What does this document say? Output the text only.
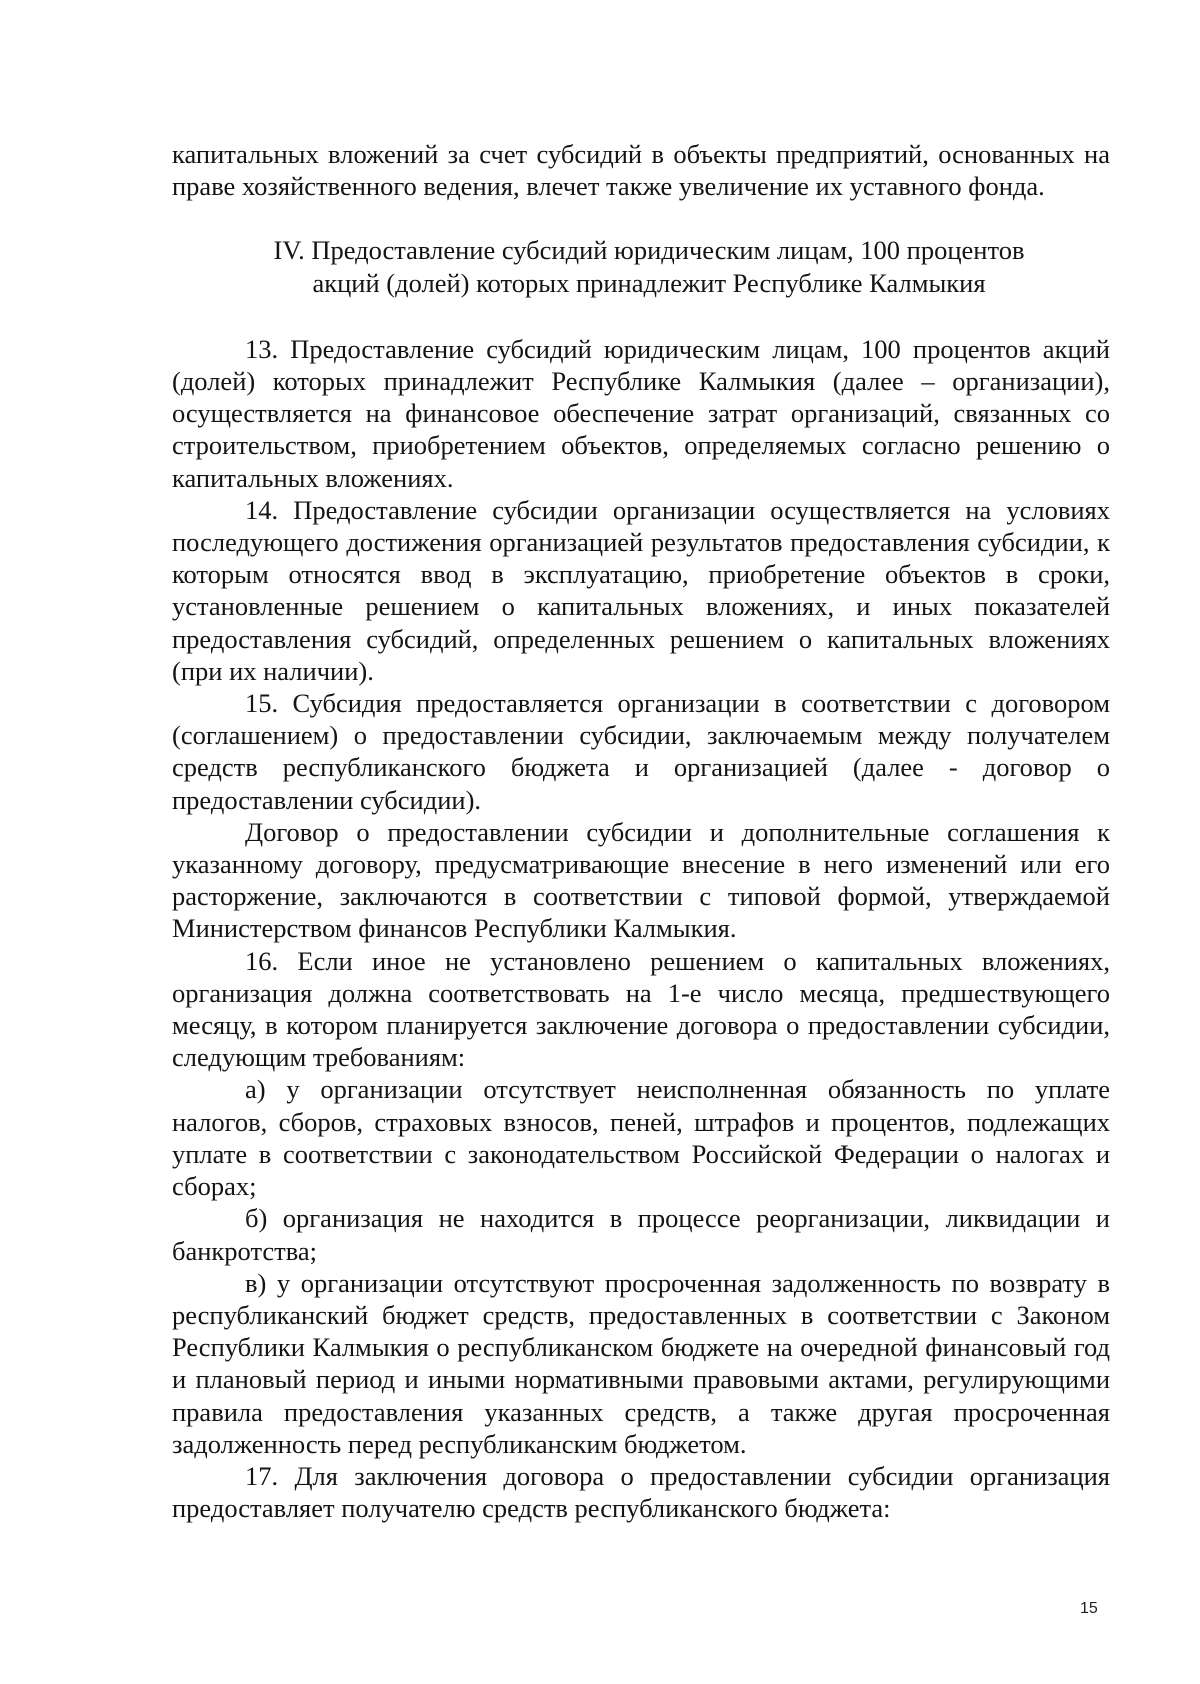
капитальных вложений за счет субсидий в объекты предприятий, основанных на праве хозяйственного ведения, влечет также увеличение их уставного фонда.

IV. Предоставление субсидий юридическим лицам, 100 процентов

акций (долей) которых принадлежит Республике Калмыкия

13. Предоставление субсидий юридическим лицам, 100 процентов акций (долей) которых принадлежит Республике Калмыкия (далее – организации), осуществляется на финансовое обеспечение затрат организаций, связанных со строительством, приобретением объектов, определяемых согласно решению о капитальных вложениях.

14. Предоставление субсидии организации осуществляется на условиях последующего достижения организацией результатов предоставления субсидии, к которым относятся ввод в эксплуатацию, приобретение объектов в сроки, установленные решением о капитальных вложениях, и иных показателей предоставления субсидий, определенных решением о капитальных вложениях (при их наличии).

15. Субсидия предоставляется организации в соответствии с договором (соглашением) о предоставлении субсидии, заключаемым между получателем средств республиканского бюджета и организацией (далее - договор о предоставлении субсидии).

Договор о предоставлении субсидии и дополнительные соглашения к указанному договору, предусматривающие внесение в него изменений или его расторжение, заключаются в соответствии с типовой формой, утверждаемой Министерством финансов Республики Калмыкия.

16. Если иное не установлено решением о капитальных вложениях, организация должна соответствовать на 1-е число месяца, предшествующего месяцу, в котором планируется заключение договора о предоставлении субсидии, следующим требованиям:

а) у организации отсутствует неисполненная обязанность по уплате налогов, сборов, страховых взносов, пеней, штрафов и процентов, подлежащих уплате в соответствии с законодательством Российской Федерации о налогах и сборах;

б) организация не находится в процессе реорганизации, ликвидации и банкротства;

в) у организации отсутствуют просроченная задолженность по возврату в республиканский бюджет средств, предоставленных в соответствии с Законом Республики Калмыкия о республиканском бюджете на очередной финансовый год и плановый период и иными нормативными правовыми актами, регулирующими правила предоставления указанных средств, а также другая просроченная задолженность перед республиканским бюджетом.

17. Для заключения договора о предоставлении субсидии организация предоставляет получателю средств республиканского бюджета:

15
